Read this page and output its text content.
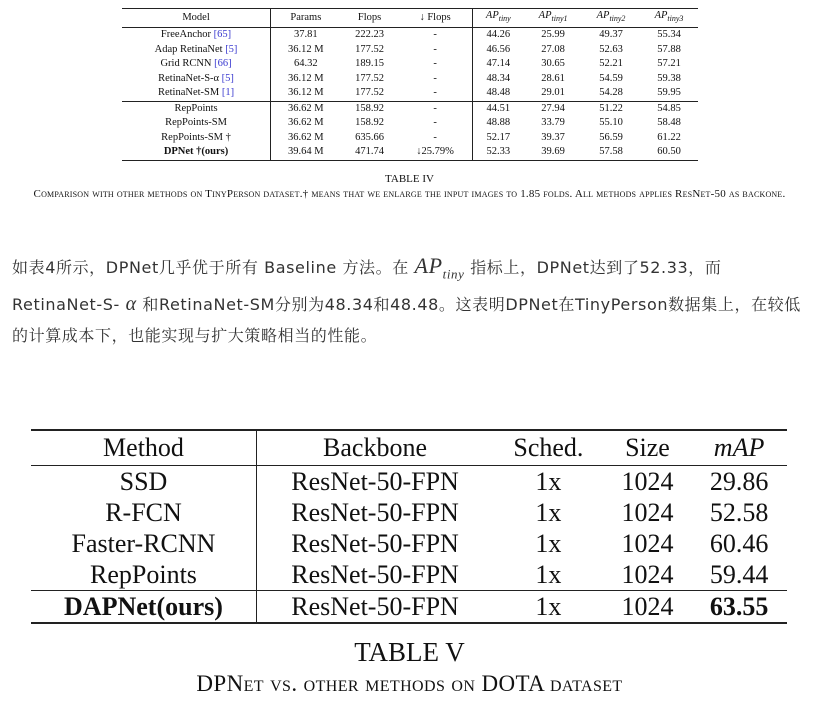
Model	Params	Flops	↓ Flops	$AP_{tiny}$	$AP_{tiny1}$	$AP_{tiny2}$	$AP_{tiny3}$
FreeAnchor [65]	37.81	222.23	-	44.26	25.99	49.37	55.34
Adap RetinaNet [5]	36.12 M	177.52	-	46.56	27.08	52.63	57.88
Grid RCNN [66]	64.32	189.15	-	47.14	30.65	52.21	57.21
RetinaNet-S-α [5]	36.12 M	177.52	-	48.34	28.61	54.59	59.38
RetinaNet-SM [1]	36.12 M	177.52	-	48.48	29.01	54.28	59.95
RepPoints	36.62 M	158.92	-	44.51	27.94	51.22	54.85
RepPoints-SM	36.62 M	158.92	-	48.88	33.79	55.10	58.48
RepPoints-SM †	36.62 M	635.66	-	52.17	39.37	56.59	61.22
DPNet †(ours)	39.64 M	471.74	↓25.79%	52.33	39.69	57.58	60.50
TABLE IV
Comparison with other methods on TinyPerson dataset.† means that we enlarge the input images to 1.85 folds. All methods applies ResNet-50 as backone.
如表4所示，DPNet几乎优于所有 Baseline 方法。在 $AP_{tiny}$ 指标上，DPNet达到了52.33，而RetinaNet-S- α 和RetinaNet-SM分别为48.34和48.48。这表明DPNet在TinyPerson数据集上，在较低的计算成本下，也能实现与扩大策略相当的性能。
Method	Backbone	Sched.	Size	mAP
SSD	ResNet-50-FPN	1x	1024	29.86
R-FCN	ResNet-50-FPN	1x	1024	52.58
Faster-RCNN	ResNet-50-FPN	1x	1024	60.46
RepPoints	ResNet-50-FPN	1x	1024	59.44
DAPNet(ours)	ResNet-50-FPN	1x	1024	63.55
TABLE V
DPNet vs. other methods on DOTA dataset
